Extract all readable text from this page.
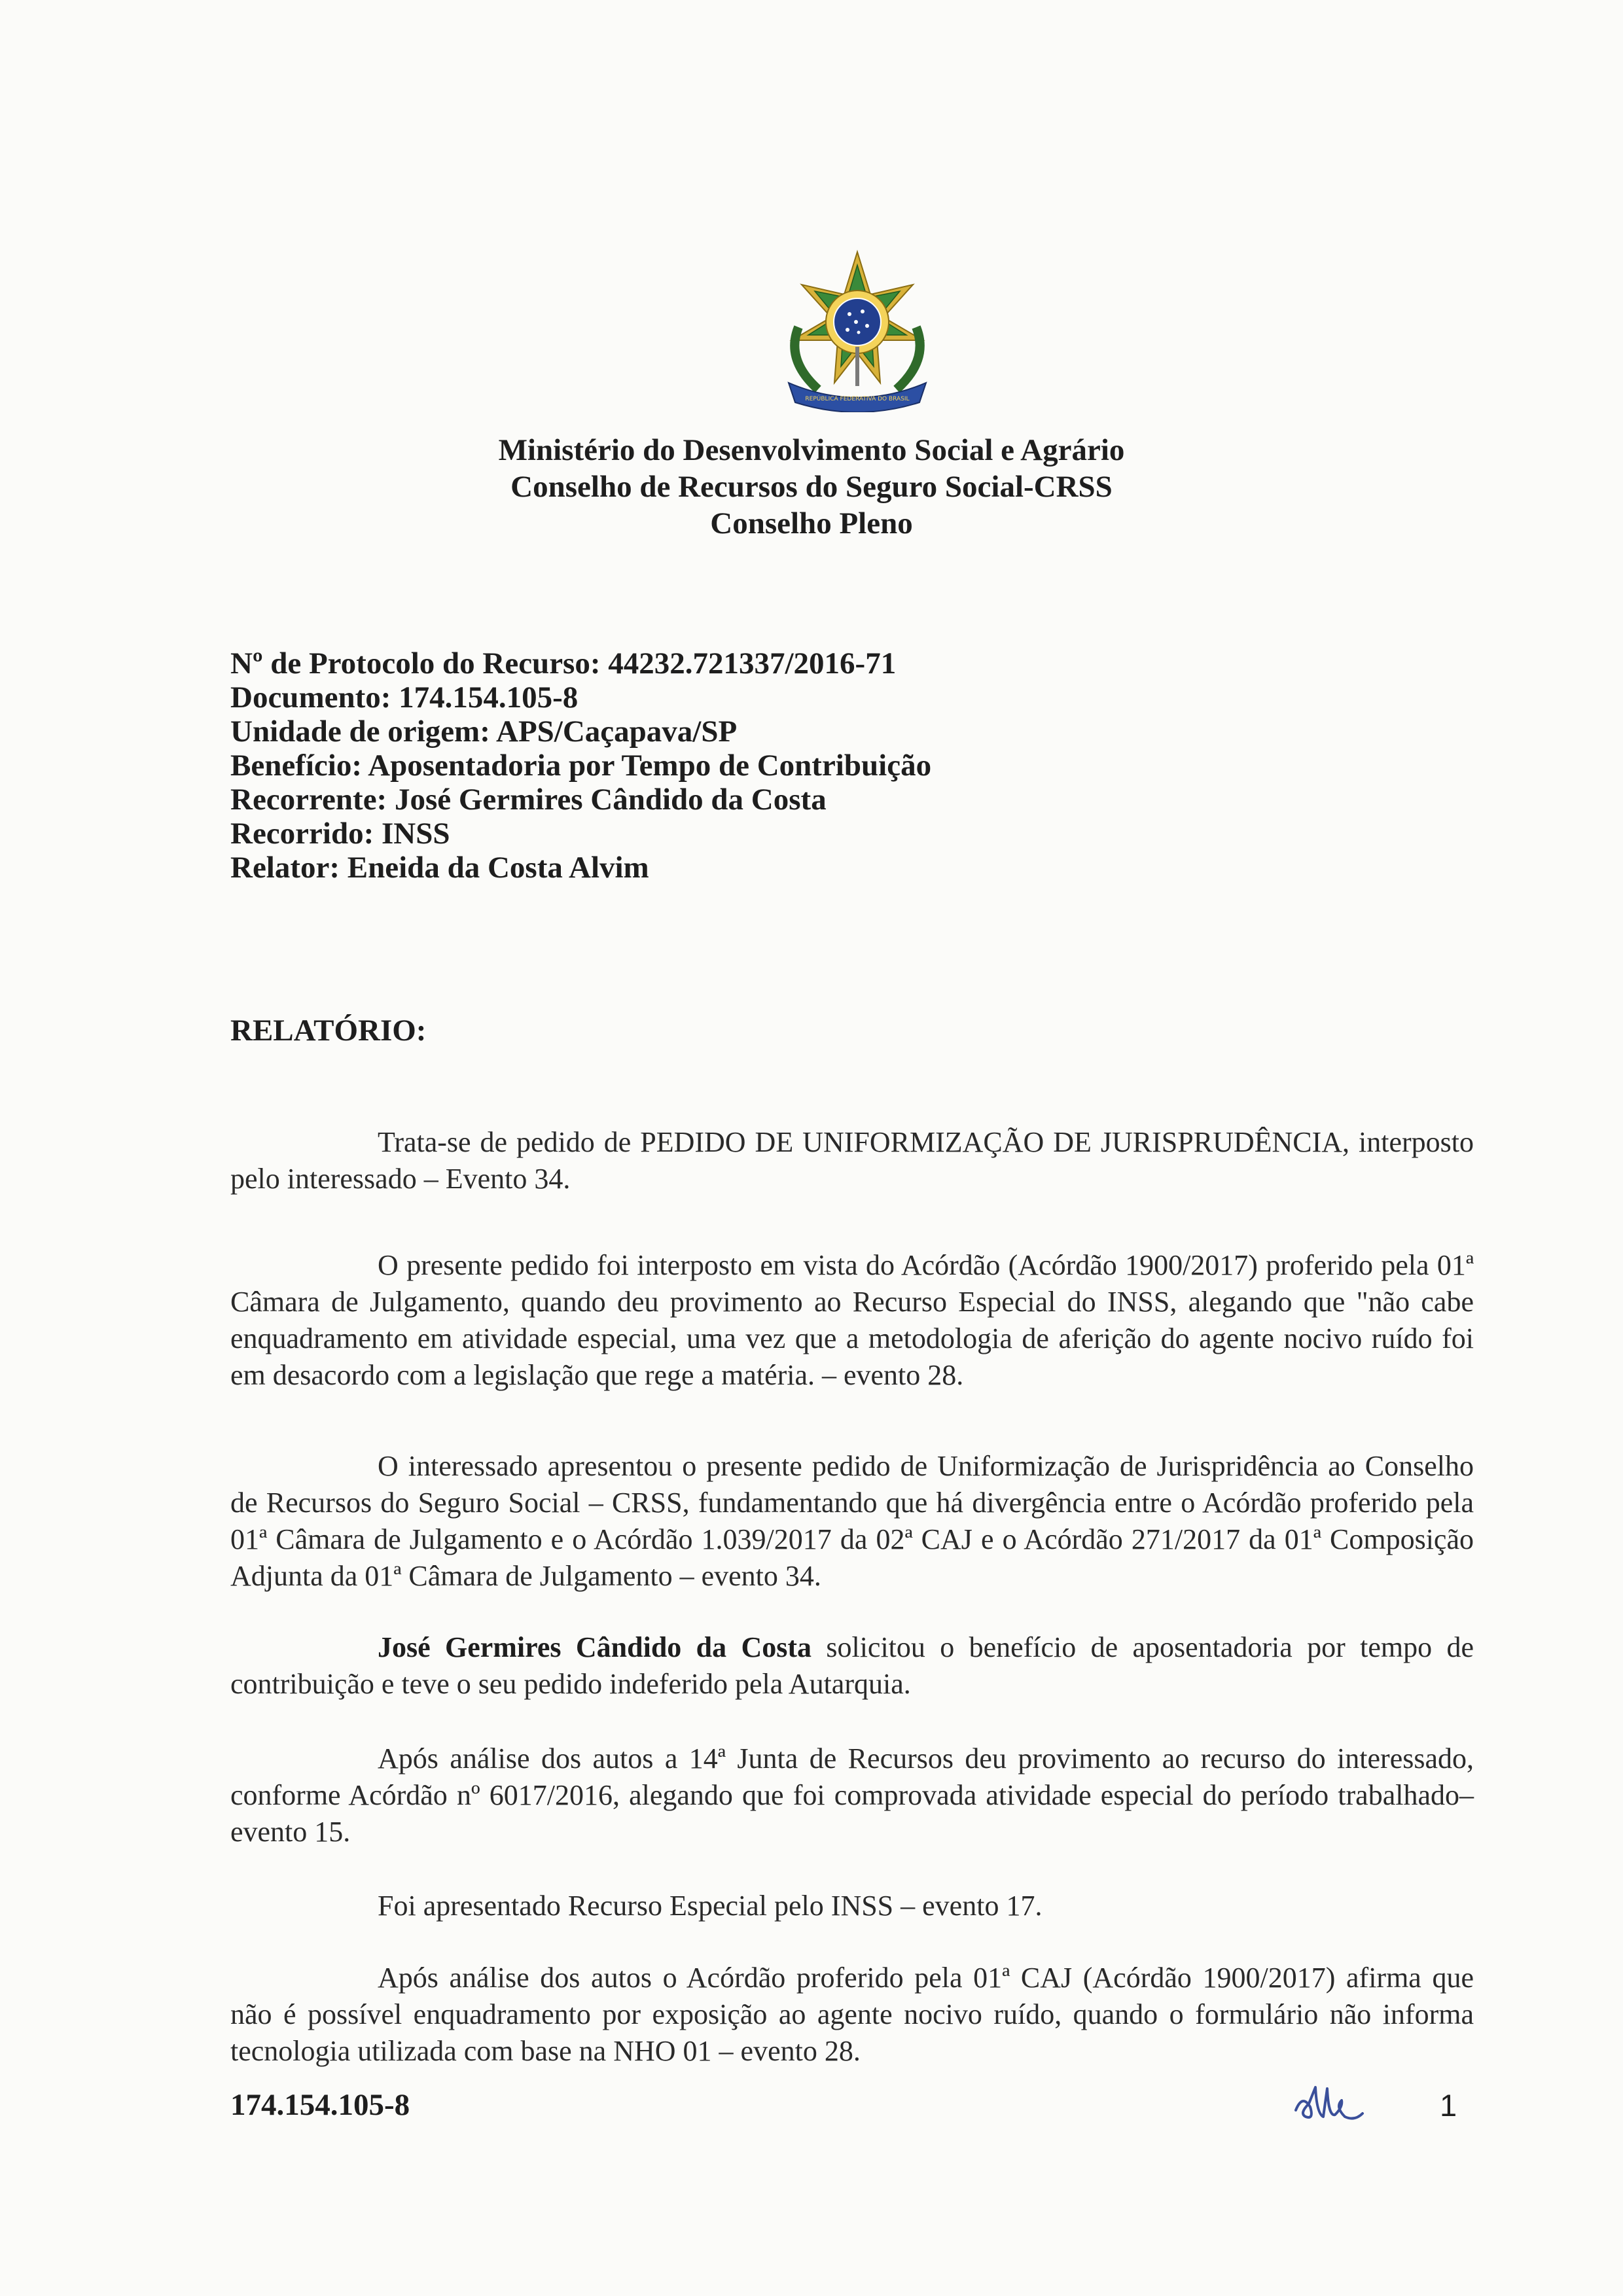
REPÚBLICA FEDERATIVA DO BRASIL
Ministério do Desenvolvimento Social e Agrário
Conselho de Recursos do Seguro Social-CRSS
Conselho Pleno
Nº de Protocolo do Recurso: 44232.721337/2016-71
Documento: 174.154.105-8
Unidade de origem: APS/Caçapava/SP
Benefício: Aposentadoria por Tempo de Contribuição
Recorrente: José Germires Cândido da Costa
Recorrido: INSS
Relator: Eneida da Costa Alvim
RELATÓRIO:
Trata-se de pedido de PEDIDO DE UNIFORMIZAÇÃO DE JURISPRUDÊNCIA, interposto pelo interessado – Evento 34.
O presente pedido foi interposto em vista do Acórdão (Acórdão 1900/2017) proferido pela 01ª Câmara de Julgamento, quando deu provimento ao Recurso Especial do INSS, alegando que "não cabe enquadramento em atividade especial, uma vez que a metodologia de aferição do agente nocivo ruído foi em desacordo com a legislação que rege a matéria. – evento 28.
O interessado apresentou o presente pedido de Uniformização de Jurispridência ao Conselho de Recursos do Seguro Social – CRSS, fundamentando que há divergência entre o Acórdão proferido pela 01ª Câmara de Julgamento e o Acórdão 1.039/2017 da 02ª CAJ e o Acórdão 271/2017 da 01ª Composição Adjunta da 01ª Câmara de Julgamento – evento 34.
José Germires Cândido da Costa solicitou o benefício de aposentadoria por tempo de contribuição e teve o seu pedido indeferido pela Autarquia.
Após análise dos autos a 14ª Junta de Recursos deu provimento ao recurso do interessado, conforme Acórdão nº 6017/2016, alegando que foi comprovada atividade especial do período trabalhado– evento 15.
Foi apresentado Recurso Especial pelo INSS – evento 17.
Após análise dos autos o Acórdão proferido pela 01ª CAJ (Acórdão 1900/2017) afirma que não é possível enquadramento por exposição ao agente nocivo ruído, quando o formulário não informa tecnologia utilizada com base na NHO 01 – evento 28.
174.154.105-8	1
